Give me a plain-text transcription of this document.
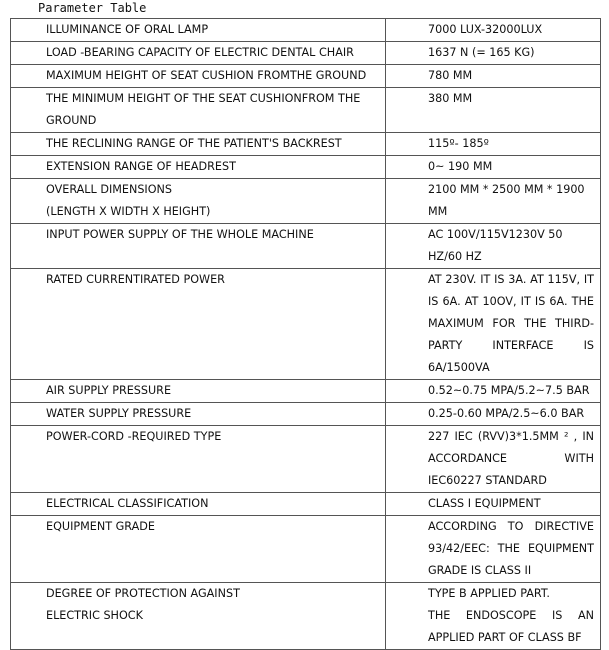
Parameter Table
ILLUMINANCE OF ORAL LAMP	7000 LUX-32000LUX
LOAD -BEARING CAPACITY OF ELECTRIC DENTAL CHAIR	1637 N (= 165 KG)
MAXIMUM HEIGHT OF SEAT CUSHION FROMTHE GROUND	780 MM
THE MINIMUM HEIGHT OF THE SEAT CUSHIONFROM THE GROUND	380 MM
THE RECLINING RANGE OF THE PATIENT'S BACKREST	115º- 185º
EXTENSION RANGE OF HEADREST	0~ 190 MM

OVERALL DIMENSIONS
(LENGTH X WIDTH X HEIGHT)	2100 MM * 2500 MM * 1900 MM
INPUT POWER SUPPLY OF THE WHOLE MACHINE	AC 100V/115V1230V 50 HZ/60 HZ
RATED CURRENTIRATED POWER	AT 230V. IT IS 3A. AT 115V, IT IS 6A. AT 10OV, IT IS 6A. THE MAXIMUM FOR THE THIRD-PARTY INTERFACE IS 6A/1500VA
AIR SUPPLY PRESSURE	0.52~0.75 MPA/5.2~7.5 BAR
WATER SUPPLY PRESSURE	0.25-0.60 MPA/2.5~6.0 BAR
POWER-CORD -REQUIRED TYPE	227 IEC (RVV)3*1.5MM ² , IN ACCORDANCE WITH IEC60227 STANDARD
ELECTRICAL CLASSIFICATION	CLASS I EQUIPMENT
EQUIPMENT GRADE	ACCORDING TO DIRECTIVE 93/42/EEC: THE EQUIPMENT GRADE IS CLASS II

DEGREE OF PROTECTION AGAINST
ELECTRIC SHOCK	TYPE B APPLIED PART.
THE ENDOSCOPE IS AN APPLIED PART OF CLASS BF
